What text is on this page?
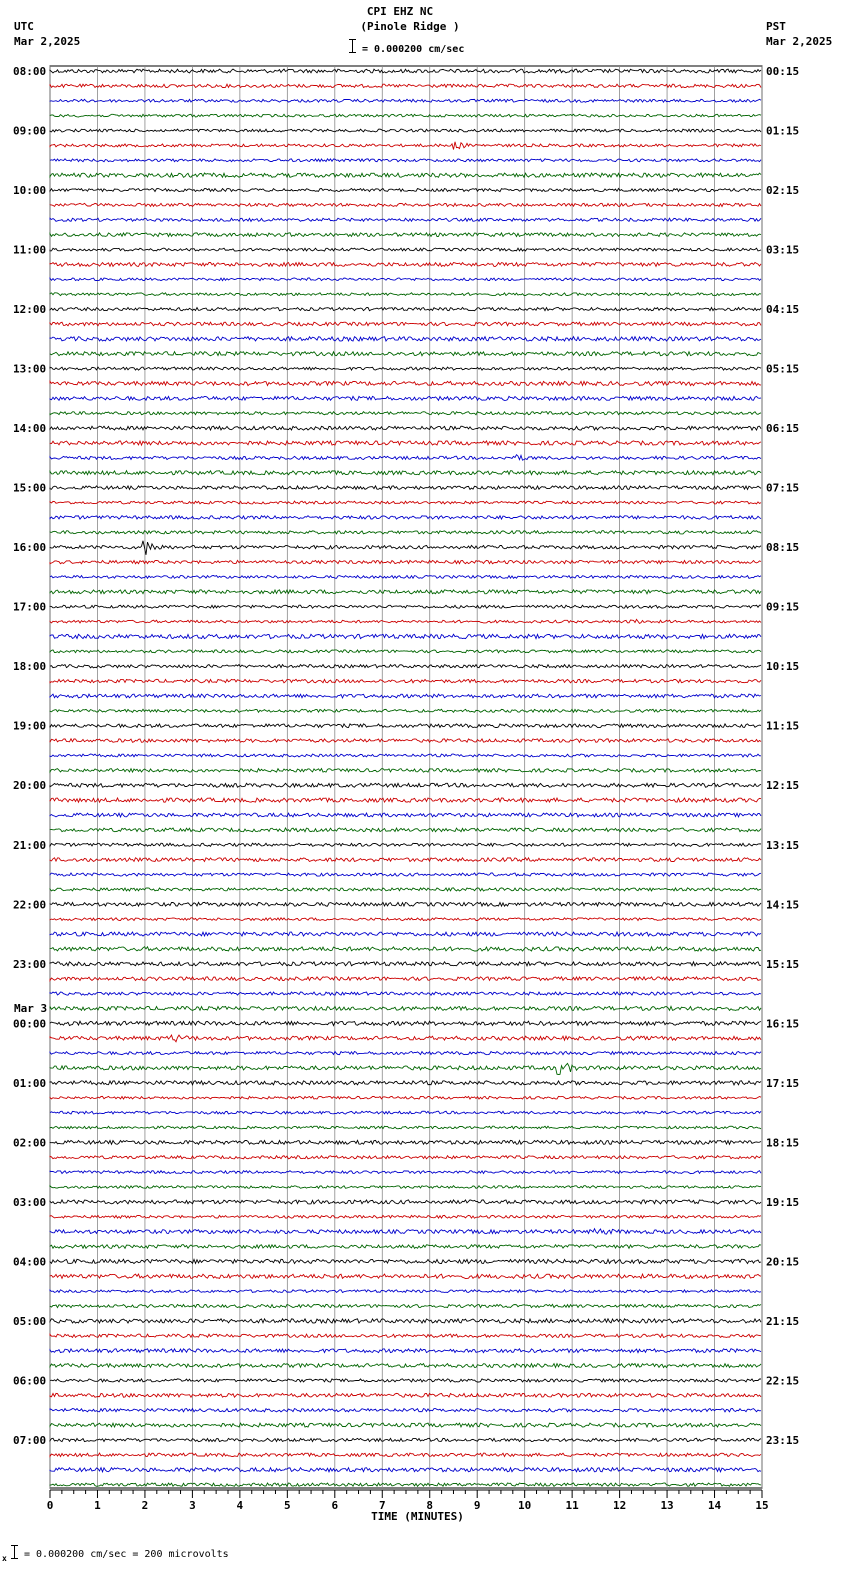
UTC
Mar 2,2025
PST
Mar 2,2025
CPI EHZ NC
(Pinole Ridge )
= 0.000200 cm/sec
08:00
09:00
10:00
11:00
12:00
13:00
14:00
15:00
16:00
17:00
18:00
19:00
20:00
21:00
22:00
23:00
00:00
01:00
02:00
03:00
04:00
05:00
06:00
07:00
00:15
01:15
02:15
03:15
04:15
05:15
06:15
07:15
08:15
09:15
10:15
11:15
12:15
13:15
14:15
15:15
16:15
17:15
18:15
19:15
20:15
21:15
22:15
23:15
0	1	2	3	4	5	6	7	8	9	10	11	12	13	14	15
Mar 3
TIME (MINUTES)
x = 0.000200 cm/sec = 200 microvolts
